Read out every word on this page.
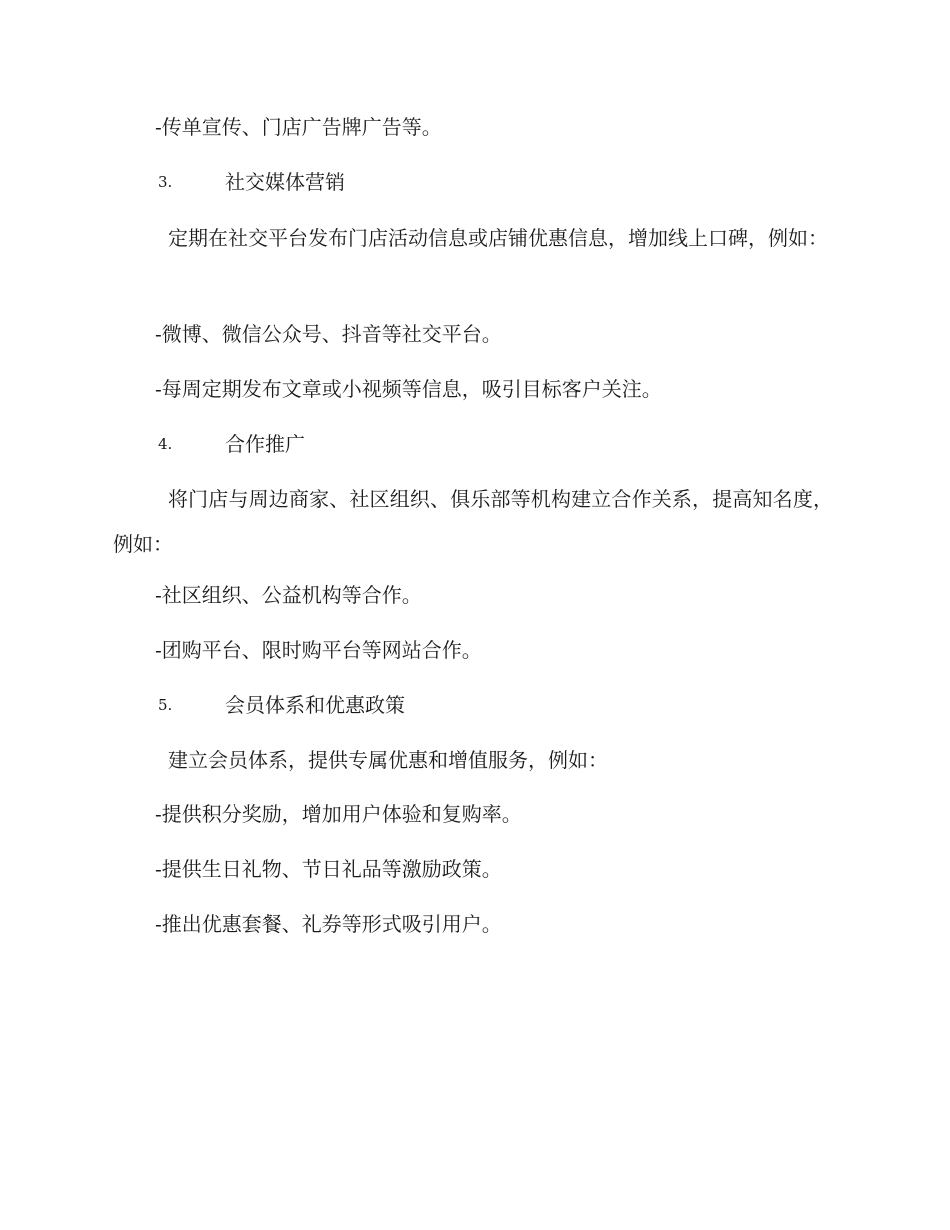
-传单宣传、门店广告牌广告等。
3.	社交媒体营销
定期在社交平台发布门店活动信息或店铺优惠信息，增加线上口碑，例如：
-微博、微信公众号、抖音等社交平台。
-每周定期发布文章或小视频等信息，吸引目标客户关注。
4.	合作推广
将门店与周边商家、社区组织、俱乐部等机构建立合作关系，提高知名度，例如：
-社区组织、公益机构等合作。
-团购平台、限时购平台等网站合作。
5.	会员体系和优惠政策
建立会员体系，提供专属优惠和增值服务，例如：
-提供积分奖励，增加用户体验和复购率。
-提供生日礼物、节日礼品等激励政策。
-推出优惠套餐、礼券等形式吸引用户。
